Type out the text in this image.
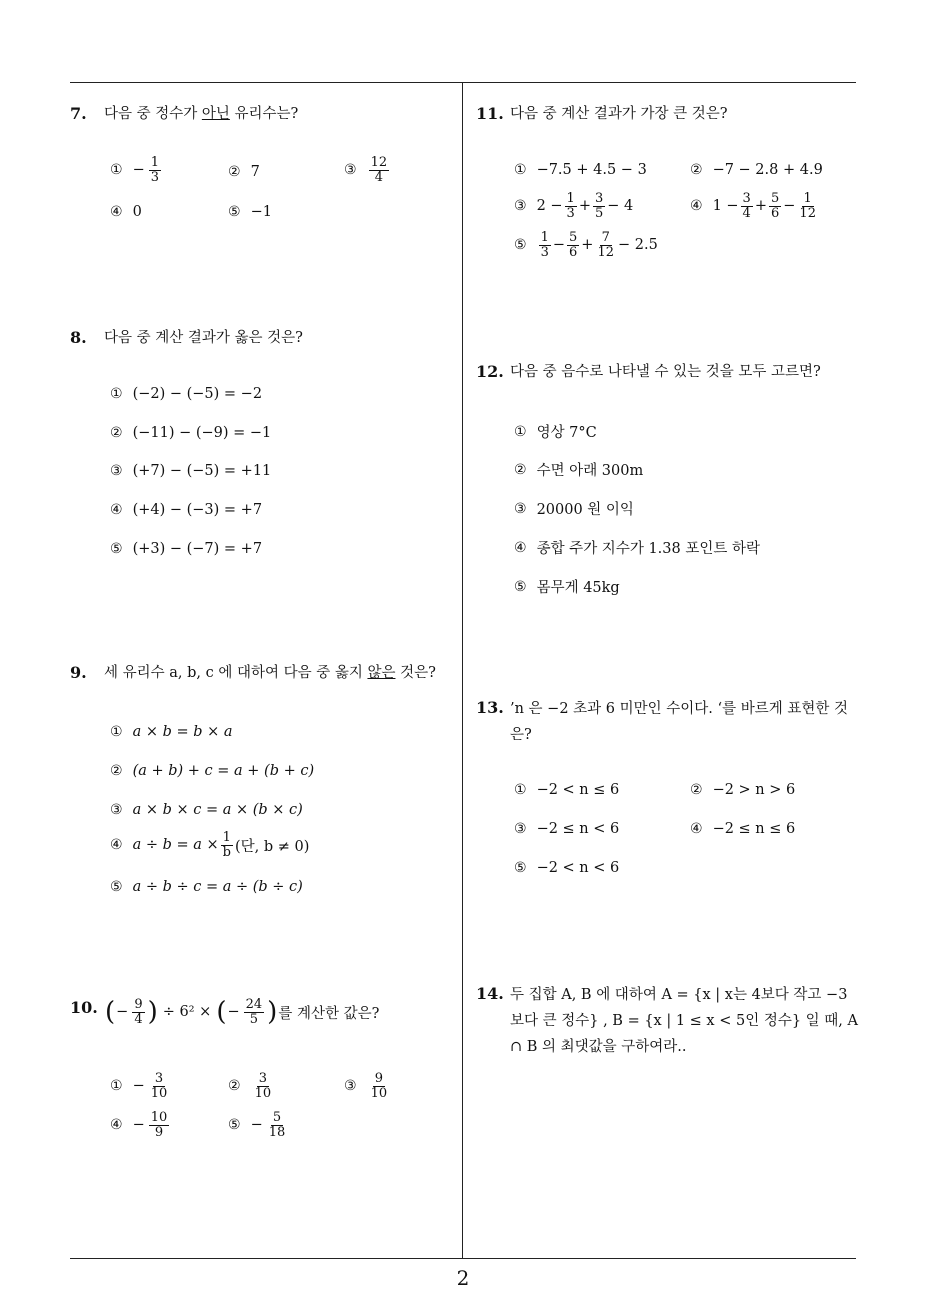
7.	다음 중 정수가 아닌 유리수는?
① − $\frac{1}{3}$	② 7	③ $\frac{12}{4}$
④ 0	⑤ −1
8.	다음 중 계산 결과가 옳은 것은?
① (−2) − (−5) = −2
② (−11) − (−9) = −1
③ (+7) − (−5) = +11
④ (+4) − (−3) = +7
⑤ (+3) − (−7) = +7
9.	세 유리수 a, b, c 에 대하여 다음 중 옳지 않은 것은?
① a × b = b × a
② (a + b) + c = a + (b + c)
③ a × b × c = a × (b × c)
④ $a \div b = a \times \frac{1}{b}$ (단, b ≠ 0)
⑤ a ÷ b ÷ c = a ÷ (b ÷ c)
10. ( − $\frac{9}{4}$ ) ÷ 6² × ( − $\frac{24}{5}$ ) 를 계산한 값은?
① − $\frac{3}{10}$	② $\frac{3}{10}$	③ $\frac{9}{10}$
④ − $\frac{10}{9}$	⑤ − $\frac{5}{18}$
11. 다음 중 계산 결과가 가장 큰 것은?
① −7.5 + 4.5 − 3	② −7 − 2.8 + 4.9
③ $2 - \frac{1}{3} + \frac{3}{5} - 4$	④ $1 - \frac{3}{4} + \frac{5}{6} - \frac{1}{12}$
⑤ $\frac{1}{3} - \frac{5}{6} + \frac{7}{12} - 2.5$
12. 다음 중 음수로 나타낼 수 있는 것을 모두 고르면?
① 영상 7°C
② 수면 아래 300m
③ 20000 원 이익
④ 종합 주가 지수가 1.38 포인트 하락
⑤ 몸무게 45kg
13. ’n 은 −2 초과 6 미만인 수이다. ‘를 바르게 표현한 것 은?
① −2 < n ≤ 6	② −2 > n > 6
③ −2 ≤ n < 6	④ −2 ≤ n ≤ 6
⑤ −2 < n < 6
14. 두 집합 A, B 에 대하여 A = {x | x는 4보다 작고 −3보다 큰 정수} , B = {x | 1 ≤ x < 5인 정수} 일 때, A ∩ B 의 최댓값을 구하여라..
2
